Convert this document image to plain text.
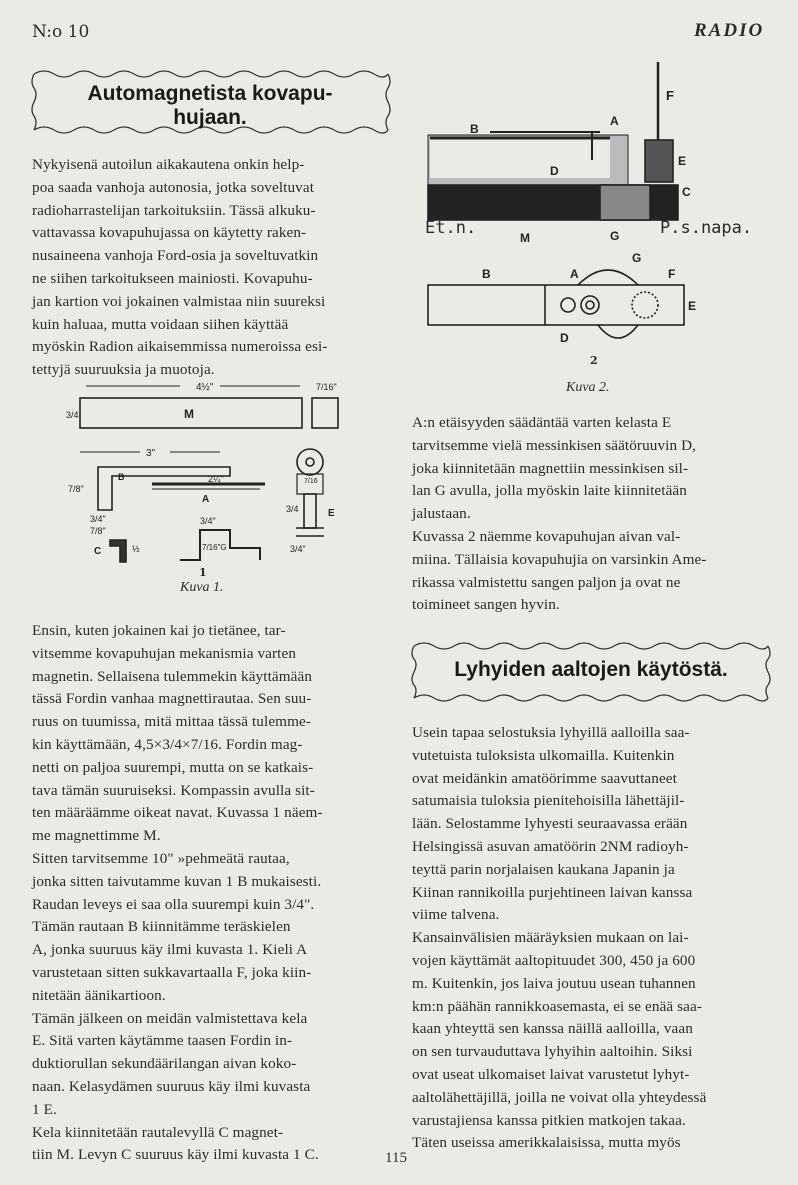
N:o 10	RADIO
Automagnetista kovapu-
hujaan.
Nykyisenä autoilun aikakautena onkin help-
poa saada vanhoja autonosia, jotka soveltuvat
radioharrastelijan tarkoituksiin. Tässä alkuku-
vattavassa kovapuhujassa on käytetty raken-
nusaineena vanhoja Ford-osia ja soveltuvatkin
ne siihen tarkoitukseen mainiosti. Kovapuhu-
jan kartion voi jokainen valmistaa niin suureksi
kuin haluaa, mutta voidaan siihen käyttää
myöskin Radion aikaisemmissa numeroissa esi-
tettyjä suuruuksia ja muotoja.
4½"	7/16"
3/4	M
3"
7/8"
B
3/4"
7/8"
2¼"
A
C	½
3/4"
7/16"G
7/16
3/4	E
3/4"
1
Kuva 1.
Ensin, kuten jokainen kai jo tietänee, tar-
vitsemme kovapuhujan mekanismia varten
magnetin. Sellaisena tulemmekin käyttämään
tässä Fordin vanhaa magnettirautaa. Sen suu-
ruus on tuumissa, mitä mittaa tässä tulemme-
kin käyttämään, 4,5×3/4×7/16. Fordin mag-
netti on paljoa suurempi, mutta on se katkais-
tava tämän suuruiseksi. Kompassin avulla sit-
ten määräämme oikeat navat. Kuvassa 1 näem-
me magnettimme M.
Sitten tarvitsemme 10" »pehmeätä rautaa,
jonka sitten taivutamme kuvan 1 B mukaisesti.
Raudan leveys ei saa olla suurempi kuin 3/4".
Tämän rautaan B kiinnitämme teräskielen
A, jonka suuruus käy ilmi kuvasta 1. Kieli A
varustetaan sitten sukkavartaalla F, joka kiin-
nitetään äänikartioon.
Tämän jälkeen on meidän valmistettava kela
E. Sitä varten käytämme taasen Fordin in-
duktiorullan sekundäärilangan aivan koko-
naan. Kelasydämen suuruus käy ilmi kuvasta
1 E.
Kela kiinnitetään rautalevyllä C magnet-
tiin M. Levyn C suuruus käy ilmi kuvasta 1 C.
B
A
F
D
E
C
M	G
B	A
G
F
E
D
Et.n.	P.s.napa.
2
Kuva 2.
A:n etäisyyden säädäntää varten kelasta E
tarvitsemme vielä messinkisen säätöruuvin D,
joka kiinnitetään magnettiin messinkisen sil-
lan G avulla, jolla myöskin laite kiinnitetään
jalustaan.
Kuvassa 2 näemme kovapuhujan aivan val-
miina. Tällaisia kovapuhujia on varsinkin Ame-
rikassa valmistettu sangen paljon ja ovat ne
toimineet sangen hyvin.
Lyhyiden aaltojen käytöstä.
Usein tapaa selostuksia lyhyillä aalloilla saa-
vutetuista tuloksista ulkomailla. Kuitenkin
ovat meidänkin amatöörimme saavuttaneet
satumaisia tuloksia pienitehoisilla lähettäjil-
lään. Selostamme lyhyesti seuraavassa erään
Helsingissä asuvan amatöörin 2NM radioyh-
teyttä parin norjalaisen kaukana Japanin ja
Kiinan rannikoilla purjehtineen laivan kanssa
viime talvena.
Kansainvälisien määräyksien mukaan on lai-
vojen käyttämät aaltopituudet 300, 450 ja 600
m. Kuitenkin, jos laiva joutuu usean tuhannen
km:n päähän rannikkoasemasta, ei se enää saa-
kaan yhteyttä sen kanssa näillä aalloilla, vaan
on sen turvauduttava lyhyihin aaltoihin. Siksi
ovat useat ulkomaiset laivat varustetut lyhyt-
aaltolähettäjillä, joilla ne voivat olla yhteydessä
varustajiensa kanssa pitkien matkojen takaa.
Täten useissa amerikkalaisissa, mutta myös
115
